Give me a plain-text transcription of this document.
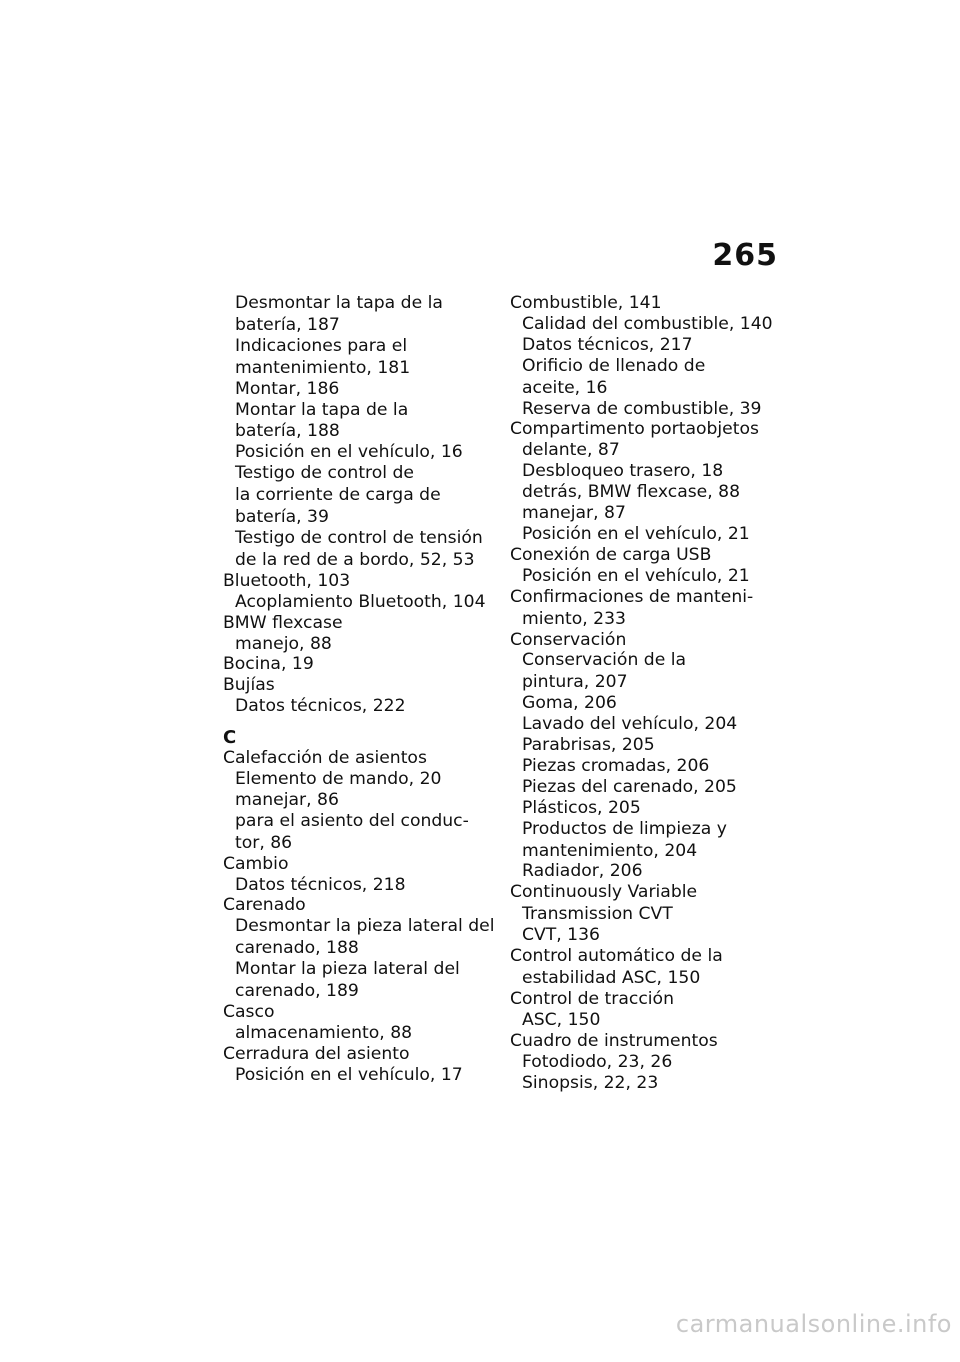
265
Desmontar la tapa de la
batería, 187
Indicaciones para el
mantenimiento, 181
Montar, 186
Montar la tapa de la
batería, 188
Posición en el vehículo, 16
Testigo de control de
la corriente de carga de
batería, 39
Testigo de control de tensión
de la red de a bordo, 52, 53
Bluetooth, 103
Acoplamiento Bluetooth, 104
BMW flexcase
manejo, 88
Bocina, 19
Bujías
Datos técnicos, 222
C
Calefacción de asientos
Elemento de mando, 20
manejar, 86
para el asiento del conduc-
tor, 86
Cambio
Datos técnicos, 218
Carenado
Desmontar la pieza lateral del
carenado, 188
Montar la pieza lateral del
carenado, 189
Casco
almacenamiento, 88
Cerradura del asiento
Posición en el vehículo, 17
Combustible, 141
Calidad del combustible, 140
Datos técnicos, 217
Orificio de llenado de
aceite, 16
Reserva de combustible, 39
Compartimento portaobjetos
delante, 87
Desbloqueo trasero, 18
detrás, BMW flexcase, 88
manejar, 87
Posición en el vehículo, 21
Conexión de carga USB
Posición en el vehículo, 21
Confirmaciones de manteni-
miento, 233
Conservación
Conservación de la
pintura, 207
Goma, 206
Lavado del vehículo, 204
Parabrisas, 205
Piezas cromadas, 206
Piezas del carenado, 205
Plásticos, 205
Productos de limpieza y
mantenimiento, 204
Radiador, 206
Continuously Variable
Transmission CVT
CVT, 136
Control automático de la
estabilidad ASC, 150
Control de tracción
ASC, 150
Cuadro de instrumentos
Fotodiodo, 23, 26
Sinopsis, 22, 23
carmanualsonline.info
